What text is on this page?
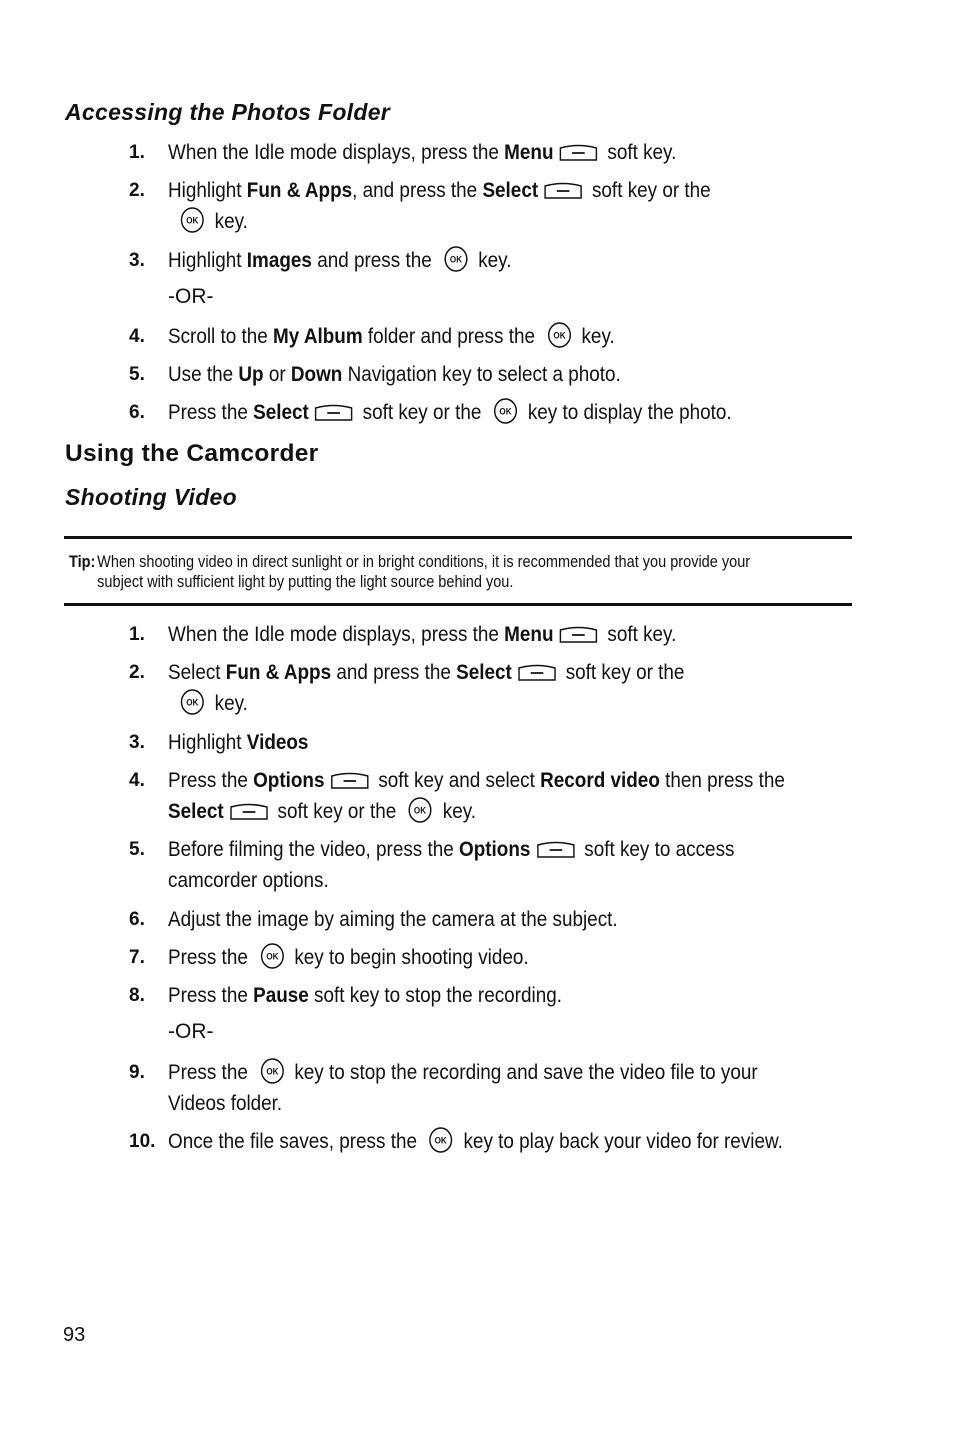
Accessing the Photos Folder
1. When the Idle mode displays, press the Menu
soft key.
2. Highlight Fun & Apps, and press the Select
soft key or the
OK key.
3. Highlight Images and press the OK key.
-OR-
4. Scroll to the My Album folder and press the OK key.
5. Use the Up or Down Navigation key to select a photo.
6. Press the Select
soft key or the OK key to display the photo.
Using the Camcorder
Shooting Video
Tip: When shooting video in direct sunlight or in bright conditions, it is recommended that you provide your
subject with sufficient light by putting the light source behind you.
1. When the Idle mode displays, press the Menu
soft key.
2. Select Fun & Apps and press the Select
soft key or the
OK key.
3. Highlight Videos
4. Press the Options
soft key and select Record video then press the
Select
soft key or the OK key.
5. Before filming the video, press the Options
soft key to access
camcorder options.
6. Adjust the image by aiming the camera at the subject.
7. Press the OK key to begin shooting video.
8. Press the Pause soft key to stop the recording.
-OR-
9. Press the OK key to stop the recording and save the video file to your
Videos folder.
10. Once the file saves, press the OK key to play back your video for review.
93
